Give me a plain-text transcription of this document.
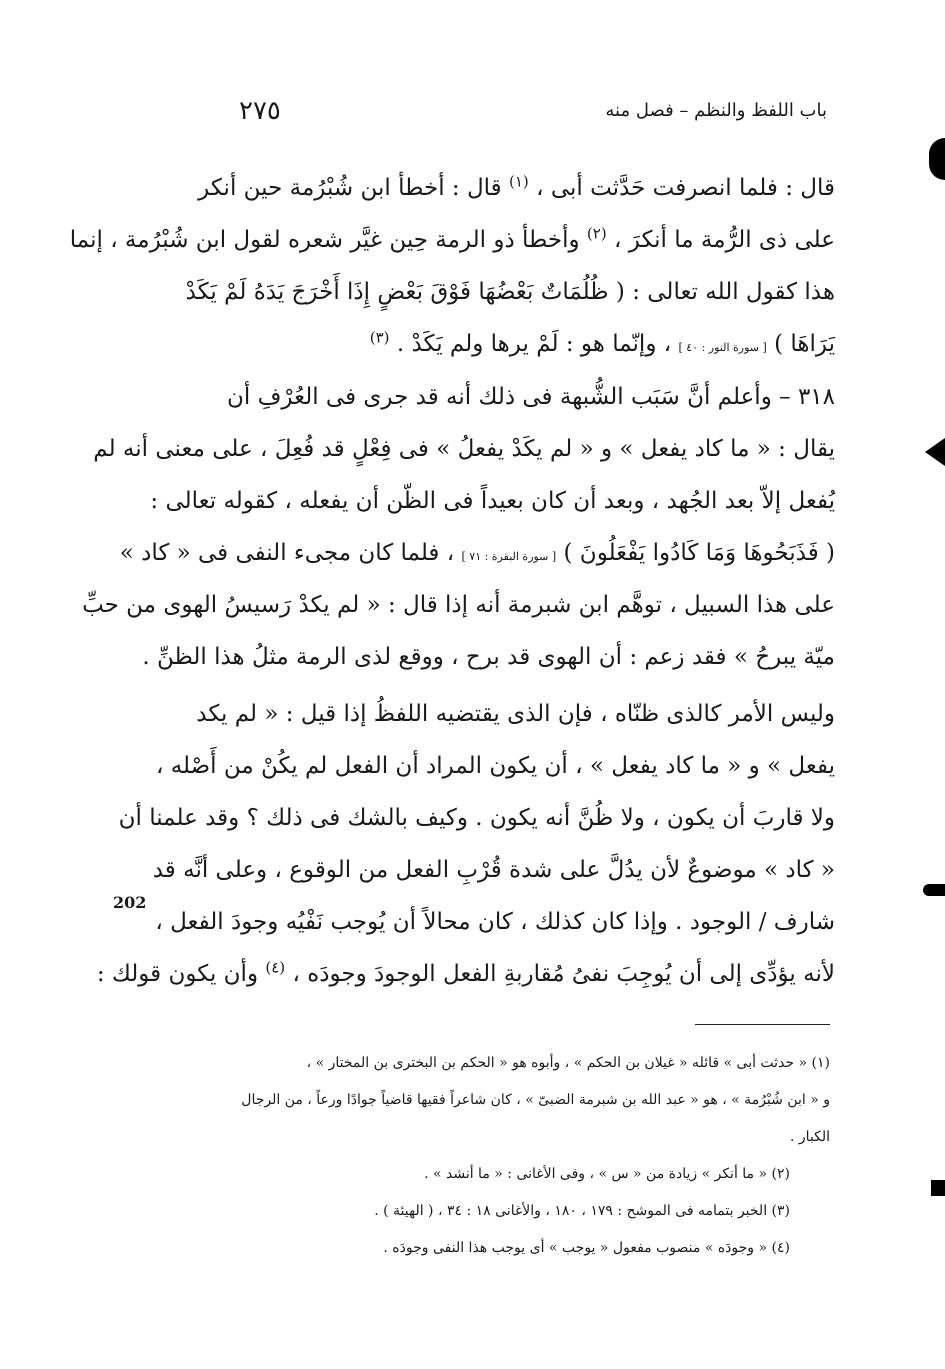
٢٧٥	باب اللفظ والنظم – فصل منه
قال : فلما انصرفت حَدَّثت أبى ، $^{(١)}$ قال : أخطأ ابن شُبْرُمة حين أنكر
على ذى الرُّمة ما أنكرَ ، $^{(٢)}$ وأخطأ ذو الرمة حِين غيَّر شعره لقول ابن شُبْرُمة ، إنما
هذا كقول الله تعالى : ( ظُلُمَاتٌ بَعْضُهَا فَوْقَ بَعْضٍ إِذَا أَخْرَجَ يَدَهُ لَمْ يَكَدْ
يَرَاهَا ) [ سورة النور : ٤٠ ] ، وإنّما هو : لَمْ يرها ولم يَكَدْ . $^{(٣)}$
٣١٨ – وأعلم أنَّ سَبَب الشُّبهة فى ذلك أنه قد جرى فى العُرْفِ أن
يقال : « ما كاد يفعل » و « لم يكَدْ يفعلُ » فى فِعْلٍ قد فُعِلَ ، على معنى أنه لم
يُفعل إلاّ بعد الجُهد ، وبعد أن كان بعيداً فى الظّن أن يفعله ، كقوله تعالى :
( فَذَبَحُوهَا وَمَا كَادُوا يَفْعَلُونَ ) [ سورة البقرة : ٧١ ] ، فلما كان مجىء النفى فى « كاد »
على هذا السبيل ، توهَّم ابن شبرمة أنه إذا قال : « لم يكدْ رَسيسُ الهوى من حبِّ
ميّة يبرحُ » فقد زعم : أن الهوى قد برح ، ووقع لذى الرمة مثلُ هذا الظنِّ .
وليس الأمر كالذى ظنّاه ، فإن الذى يقتضيه اللفظُ إذا قيل : « لم يكد
يفعل » و « ما كاد يفعل » ، أن يكون المراد أن الفعل لم يكُنْ من أَصْله ،
ولا قاربَ أن يكون ، ولا ظُنَّ أنه يكون . وكيف بالشك فى ذلك ؟ وقد علمنا أن
« كاد » موضوعٌ لأن يدُلَّ على شدة قُرْبِ الفعل من الوقوع ، وعلى أنَّه قد
شارف / الوجود . وإذا كان كذلك ، كان محالاً أن يُوجب نَفْيُه وجودَ الفعل ،
لأنه يؤدِّى إلى أن يُوجِبَ نفىُ مُقاربةِ الفعل الوجودَ وجودَه ، $^{(٤)}$ وأن يكون قولك :
202
(١) « حدثت أبى » قائله « غيلان بن الحكم » ، وأبوه هو « الحكم بن البخترى بن المختار » ،
و « ابن شُبْرُمة » ، هو « عبد الله بن شبرمة الضبىّ » ، كان شاعراً فقيها قاضياً جوادًا ورعاً ، من الرجال
الكبار .
(٢) « ما أنكر » زيادة من « س » ، وفى الأغانى : « ما أنشد » .
(٣) الخبر بتمامه فى الموشح : ١٧٩ ، ١٨٠ ، والأغانى ١٨ : ٣٤ ، ( الهيئة ) .
(٤) « وجودَه » منصوب مفعول « يوجب » أى يوجب هذا النفى وجودَه .
